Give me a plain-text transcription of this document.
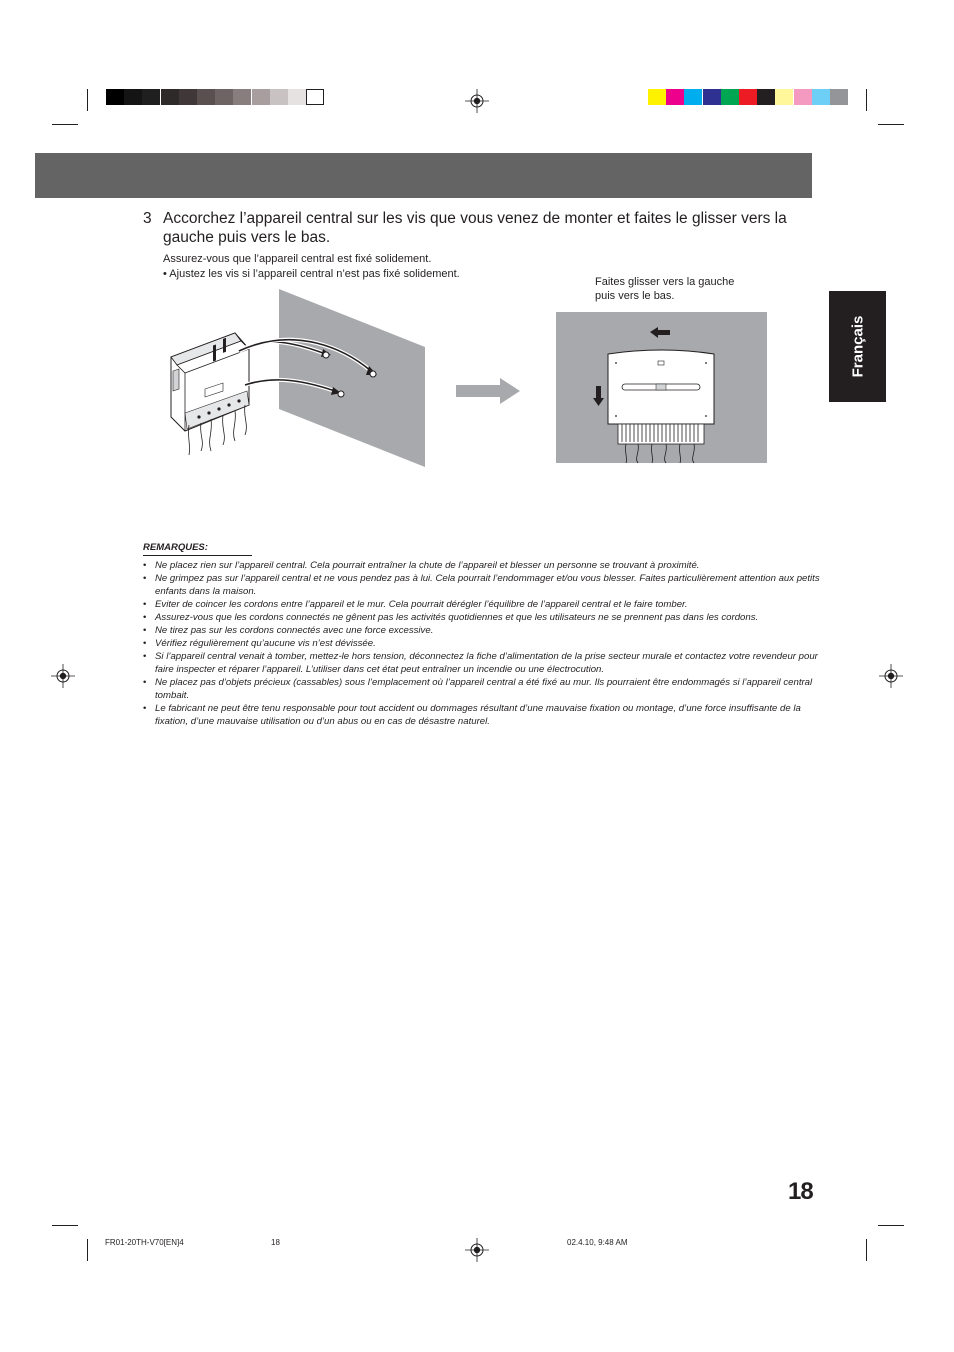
Français
3 Accorchez l’appareil central sur les vis que vous venez de monter et faites le glisser vers la gauche puis vers le bas.
Assurez-vous que l’appareil central est fixé solidement.
• Ajustez les vis si l’appareil central n’est pas fixé solidement.
Faites glisser vers la gauche puis vers le bas.
REMARQUES:
• Ne placez rien sur l’appareil central. Cela pourrait entraîner la chute de l’appareil et blesser un personne se trouvant à proximité.
• Ne grimpez pas sur l’appareil central et ne vous pendez pas à lui. Cela pourrait l’endommager et/ou vous blesser. Faites particulièrement attention aux petits enfants dans la maison.
• Eviter de coincer les cordons entre l’appareil et le mur. Cela pourrait dérégler l’équilibre de l’appareil central et le faire tomber.
• Assurez-vous que les cordons connectés ne gênent pas les activités quotidiennes et que les utilisateurs ne se prennent pas dans les cordons.
• Ne tirez pas sur les cordons connectés avec une force excessive.
• Vérifiez régulièrement qu’aucune vis n’est dévissée.
• Si l’appareil central venait à tomber, mettez-le hors tension, déconnectez la fiche d’alimentation de la prise secteur murale et contactez votre revendeur pour faire inspecter et réparer l’appareil. L’utiliser dans cet état peut entraîner un incendie ou une électrocution.
• Ne placez pas d’objets précieux (cassables) sous l’emplacement où l’appareil central a été fixé au mur. Ils pourraient être endommagés si l’appareil central tombait.
• Le fabricant ne peut être tenu responsable pour tout accident ou dommages résultant d’une mauvaise fixation ou montage, d’une force insuffisante de la fixation, d’une mauvaise utilisation ou d’un abus ou en cas de désastre naturel.
18
FR01-20TH-V70[EN]4	18	02.4.10, 9:48 AM
